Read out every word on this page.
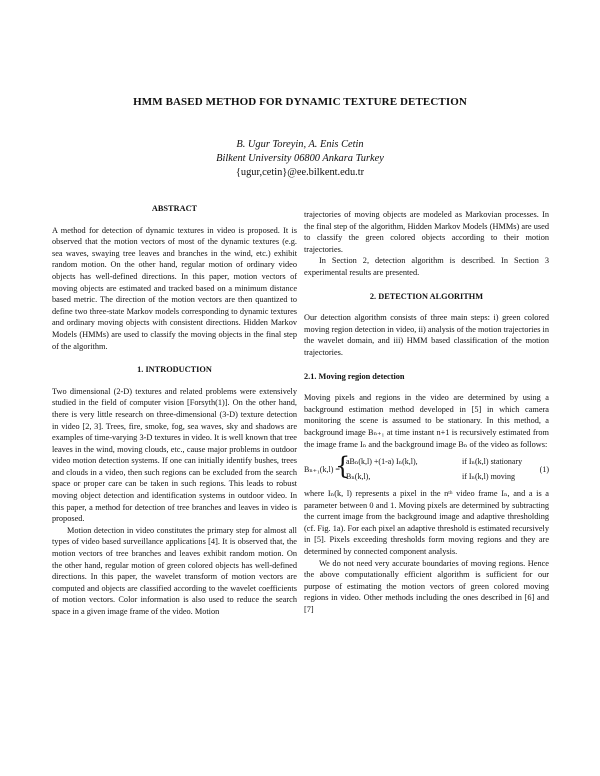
HMM BASED METHOD FOR DYNAMIC TEXTURE DETECTION
B. Ugur Toreyin, A. Enis Cetin
Bilkent University 06800 Ankara Turkey
{ugur,cetin}@ee.bilkent.edu.tr
ABSTRACT

A method for detection of dynamic textures in video is proposed. It is observed that the motion vectors of most of the dynamic textures (e.g. sea waves, swaying tree leaves and branches in the wind, etc.) exhibit random motion. On the other hand, regular motion of ordinary video objects has well-defined directions. In this paper, motion vectors of moving objects are estimated and tracked based on a minimum distance based metric. The direction of the motion vectors are then quantized to define two three-state Markov models corresponding to dynamic textures and ordinary moving objects with consistent directions. Hidden Markov Models (HMMs) are used to classify the moving objects in the final step of the algorithm.

1. INTRODUCTION

Two dimensional (2-D) textures and related problems were extensively studied in the field of computer vision [Forsyth(1)]. On the other hand, there is very little research on three-dimensional (3-D) texture detection in video [2, 3]. Trees, fire, smoke, fog, sea waves, sky and shadows are examples of time-varying 3-D textures in video. It is well known that tree leaves in the wind, moving clouds, etc., cause major problems in outdoor video motion detection systems. If one can initially identify bushes, trees and clouds in a video, then such regions can be excluded from the search space or proper care can be taken in such regions. This leads to robust moving object detection and identification systems in outdoor video. In this paper, a method for detection of tree branches and leaves in video is proposed.

Motion detection in video constitutes the primary step for almost all types of video based surveillance applications [4]. It is observed that, the motion vectors of tree branches and leaves exhibit random motion. On the other hand, regular motion of green colored objects has well-defined directions. In this paper, the wavelet transform of motion vectors are computed and objects are classified according to the wavelet coefficients of motion vectors. Color information is also used to reduce the search space in a given image frame of the video. Motion

trajectories of moving objects are modeled as Markovian processes. In the final step of the algorithm, Hidden Markov Models (HMMs) are used to classify the green colored objects according to their motion trajectories.

In Section 2, detection algorithm is described. In Section 3 experimental results are presented.

2. DETECTION ALGORITHM

Our detection algorithm consists of three main steps: i) green colored moving region detection in video, ii) analysis of the motion trajectories in the wavelet domain, and iii) HMM based classification of the motion trajectories.

2.1. Moving region detection

Moving pixels and regions in the video are determined by using a background estimation method developed in [5] in which camera monitoring the scene is assumed to be stationary. In this method, a background image Bₙ₊₁ at time instant n+1 is recursively estimated from the image frame Iₙ and the background image Bₙ of the video as follows:

Bₙ₊₁(k,l) =
{
aBₙ(k,l) +(1-a) Iₙ(k,l),	if Iₙ(k,l) stationary
Bₙ(k,l),	if Iₙ(k,l) moving
(1)

where Iₙ(k, l) represents a pixel in the nᵗʰ video frame Iₙ, and a is a parameter between 0 and 1. Moving pixels are determined by subtracting the current image from the background image and adaptive thresholding (cf. Fig. 1a). For each pixel an adaptive threshold is estimated recursively in [5]. Pixels exceeding thresholds form moving regions and they are determined by connected component analysis.

We do not need very accurate boundaries of moving regions. Hence the above computationally efficient algorithm is sufficient for our purpose of estimating the motion vectors of green colored moving regions in video. Other methods including the ones described in [6] and [7]
